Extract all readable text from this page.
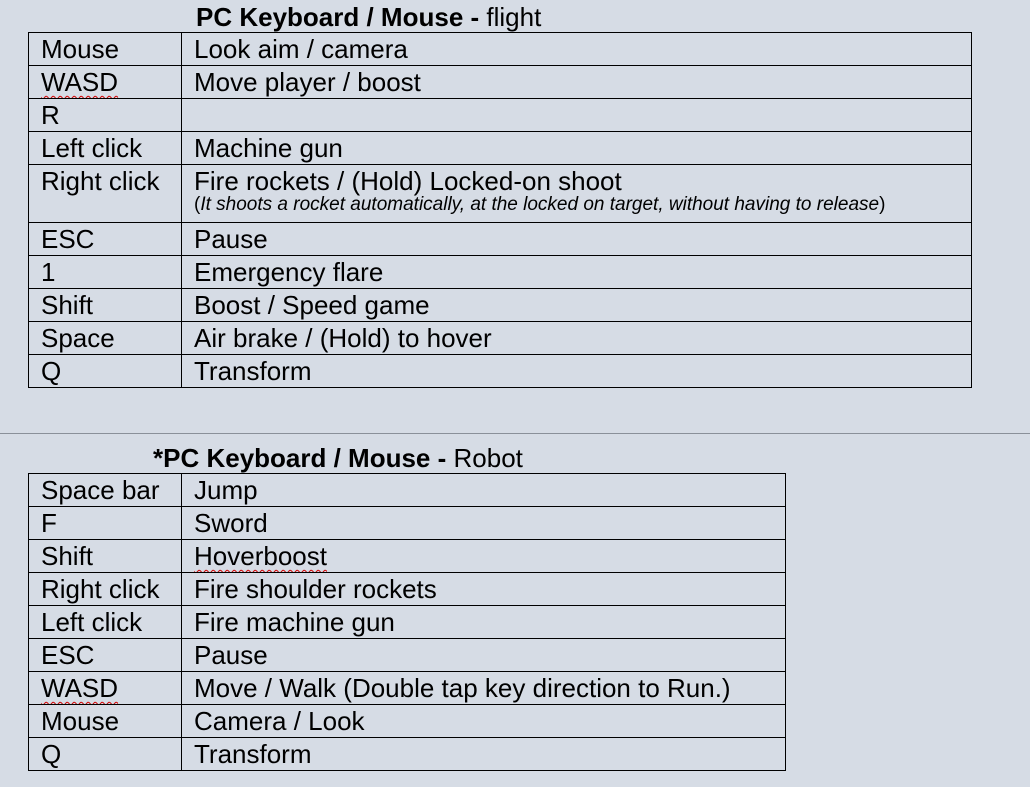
PC Keyboard / Mouse - flight
Mouse	Look aim / camera
WASD	Move player / boost
R	
Left click	Machine gun
Right click	Fire rockets / (Hold) Locked-on shoot
(It shoots a rocket automatically, at the locked on target, without having to release)

ESC	Pause
1	Emergency flare
Shift	Boost / Speed game
Space	Air brake / (Hold) to hover
Q	Transform
*PC Keyboard / Mouse - Robot
Space bar	Jump
F	Sword
Shift	Hoverboost
Right click	Fire shoulder rockets
Left click	Fire machine gun
ESC	Pause
WASD	Move / Walk (Double tap key direction to Run.)
Mouse	Camera / Look
Q	Transform
